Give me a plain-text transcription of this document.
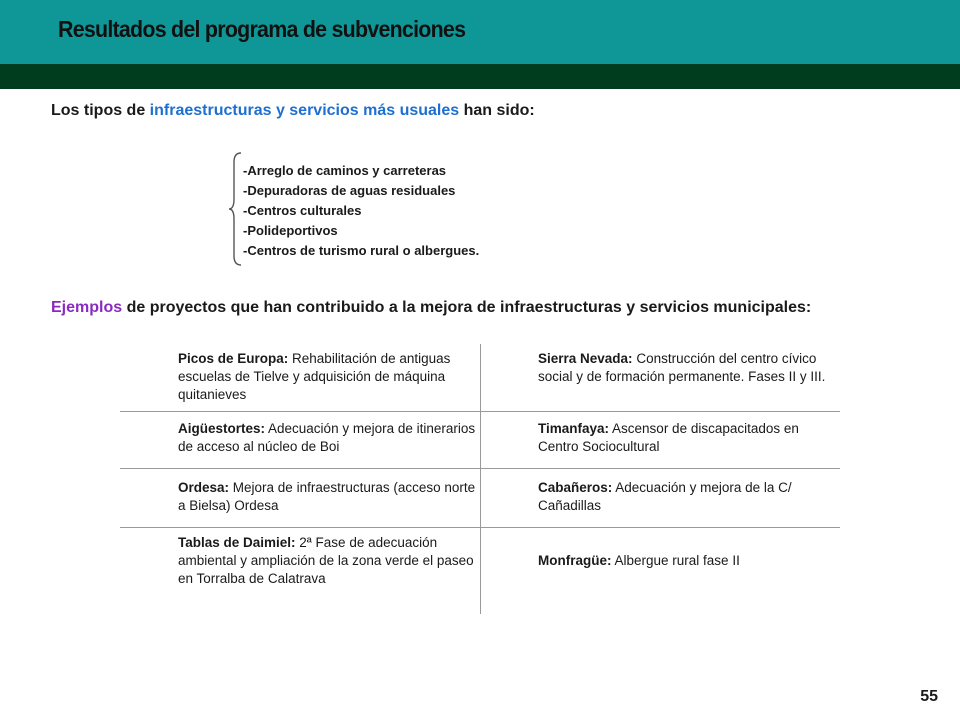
Resultados del programa de subvenciones
Los tipos de infraestructuras y servicios más usuales han sido:
-Arreglo de caminos y carreteras
-Depuradoras de aguas residuales
-Centros culturales
-Polideportivos
-Centros de turismo rural o albergues.
Ejemplos de proyectos que han contribuido a la mejora de infraestructuras y servicios municipales:
Picos de Europa: Rehabilitación de antiguas escuelas de Tielve y adquisición de máquina quitanieves
Sierra Nevada: Construcción del centro cívico social y de formación permanente. Fases II y III.
Aigüestortes: Adecuación y mejora de itinerarios de acceso al núcleo de Boi
Timanfaya: Ascensor de discapacitados en Centro Sociocultural
Ordesa: Mejora de infraestructuras (acceso norte a Bielsa) Ordesa
Cabañeros: Adecuación y mejora de la C/ Cañadillas
Tablas de Daimiel: 2ª Fase de adecuación ambiental y ampliación de la zona verde el paseo en Torralba de Calatrava
Monfragüe: Albergue rural fase II
55
